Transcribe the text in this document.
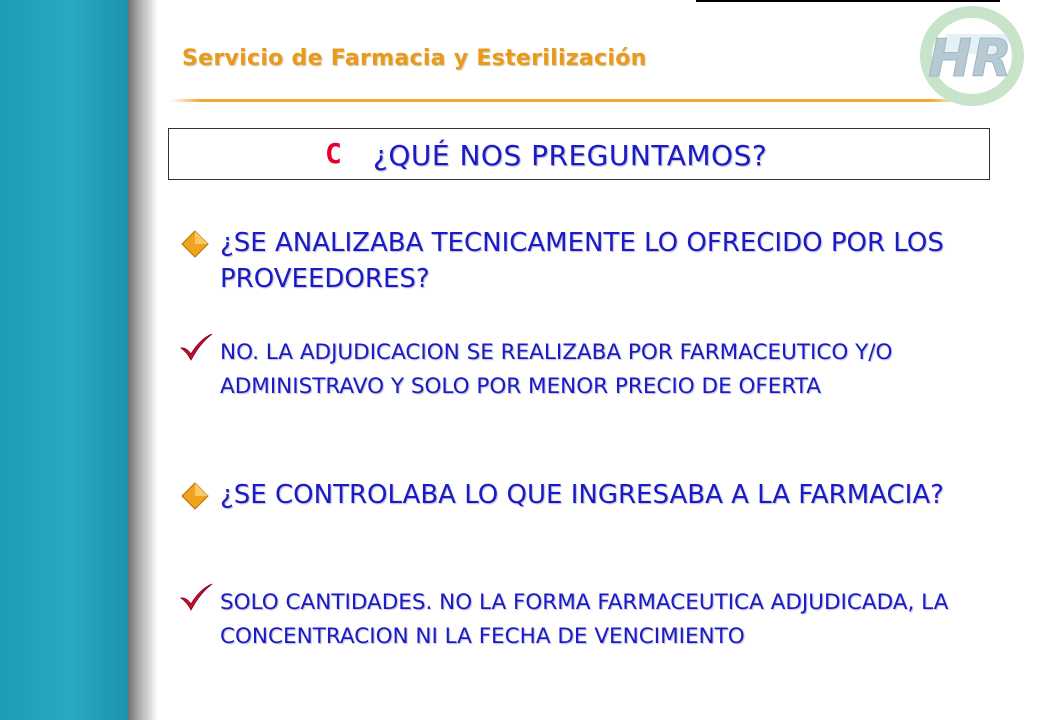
Servicio de Farmacia y Esterilización	HR
C ¿QUÉ NOS PREGUNTAMOS?

¿SE ANALIZABA TECNICAMENTE LO OFRECIDO POR LOS PROVEEDORES?

NO. LA ADJUDICACION SE REALIZABA POR FARMACEUTICO Y/O ADMINISTRAVO Y SOLO POR MENOR PRECIO DE OFERTA

¿SE CONTROLABA LO QUE INGRESABA A LA FARMACIA?

SOLO CANTIDADES. NO LA FORMA FARMACEUTICA ADJUDICADA, LA CONCENTRACION NI LA FECHA DE VENCIMIENTO
